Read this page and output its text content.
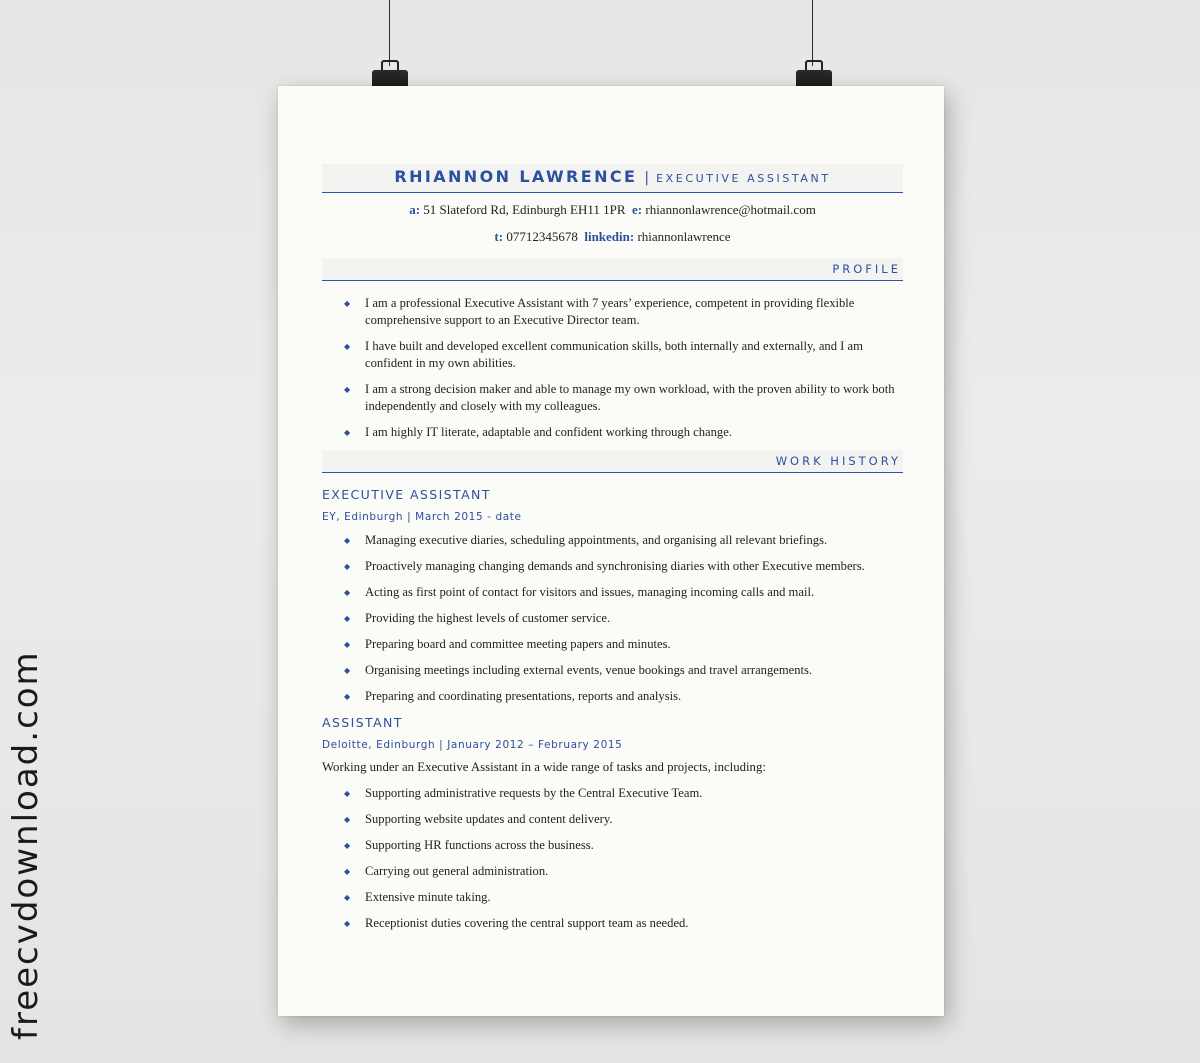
freecvdownload.com
RHIANNON LAWRENCE | EXECUTIVE ASSISTANT
a: 51 Slateford Rd, Edinburgh EH11 1PR e: rhiannonlawrence@hotmail.com
t: 07712345678 linkedin: rhiannonlawrence
PROFILE
◆ I am a professional Executive Assistant with 7 years’ experience, competent in providing flexible comprehensive support to an Executive Director team.
◆ I have built and developed excellent communication skills, both internally and externally, and I am confident in my own abilities.
◆ I am a strong decision maker and able to manage my own workload, with the proven ability to work both independently and closely with my colleagues.
◆ I am highly IT literate, adaptable and confident working through change.
WORK HISTORY
EXECUTIVE ASSISTANT
EY, Edinburgh | March 2015 - date
◆ Managing executive diaries, scheduling appointments, and organising all relevant briefings.
◆ Proactively managing changing demands and synchronising diaries with other Executive members.
◆ Acting as first point of contact for visitors and issues, managing incoming calls and mail.
◆ Providing the highest levels of customer service.
◆ Preparing board and committee meeting papers and minutes.
◆ Organising meetings including external events, venue bookings and travel arrangements.
◆ Preparing and coordinating presentations, reports and analysis.
ASSISTANT
Deloitte, Edinburgh | January 2012 – February 2015
Working under an Executive Assistant in a wide range of tasks and projects, including:
◆ Supporting administrative requests by the Central Executive Team.
◆ Supporting website updates and content delivery.
◆ Supporting HR functions across the business.
◆ Carrying out general administration.
◆ Extensive minute taking.
◆ Receptionist duties covering the central support team as needed.
